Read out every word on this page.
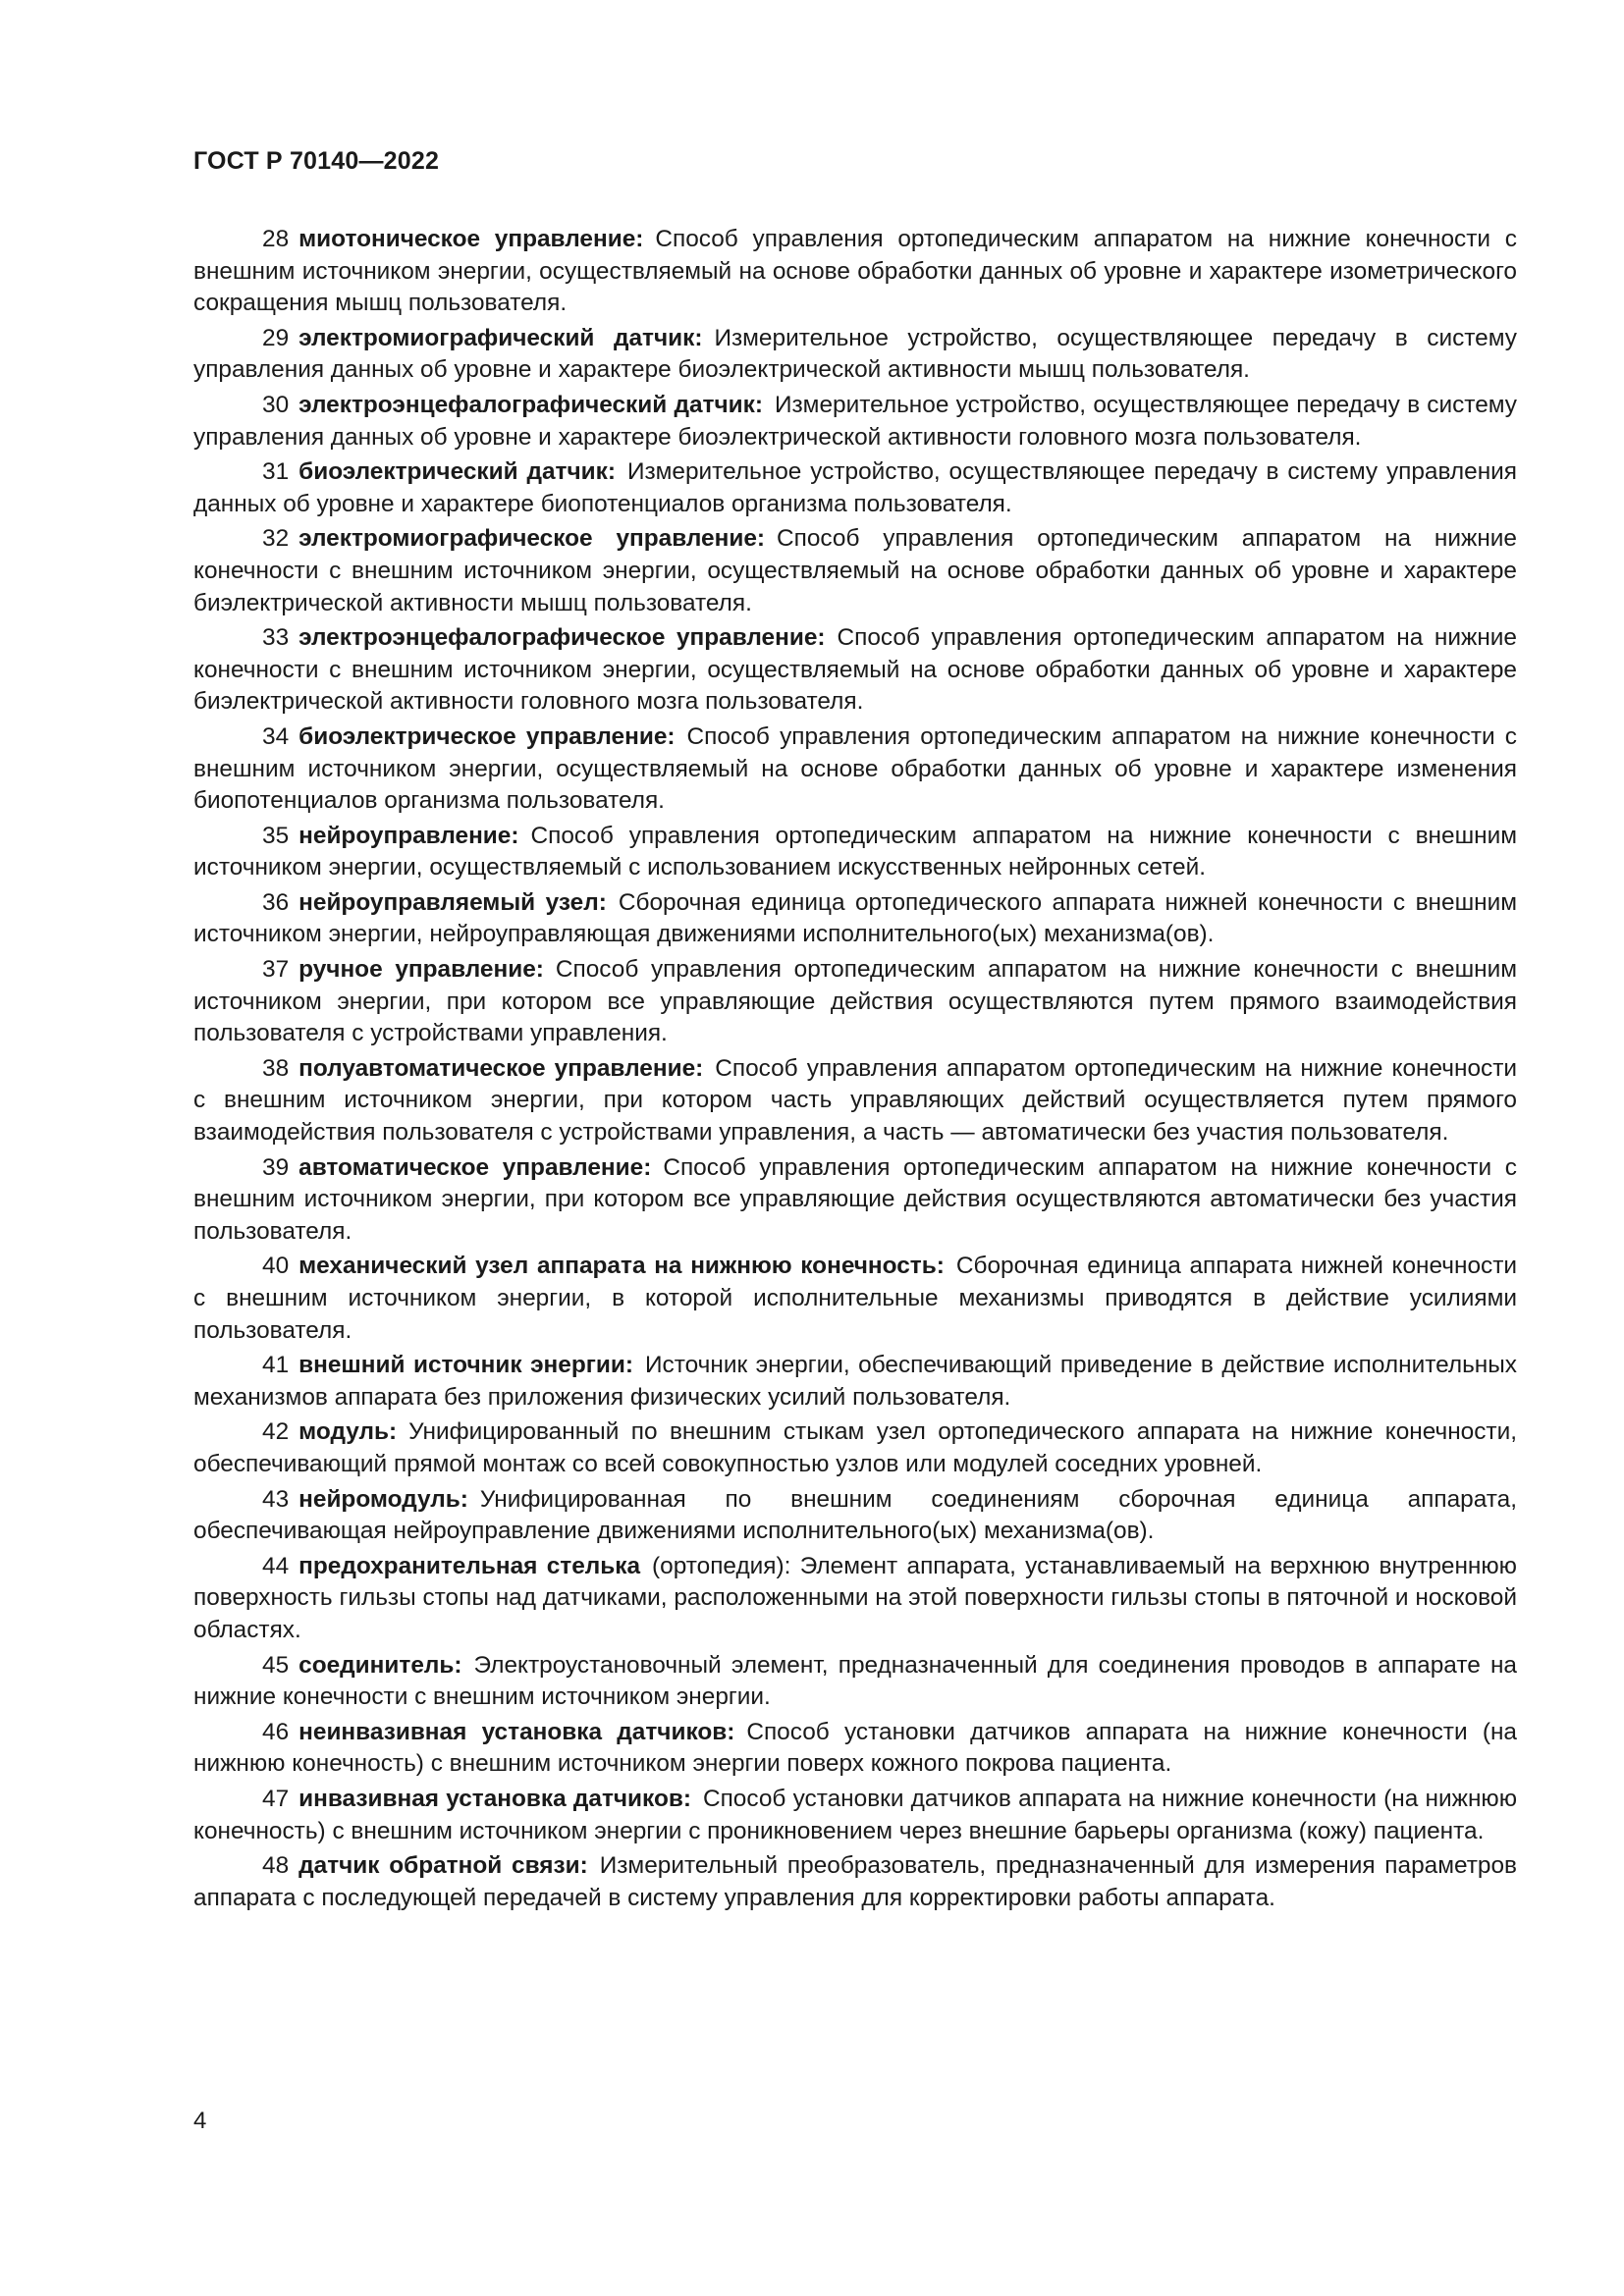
ГОСТ Р 70140—2022

28 миотоническое управление: Способ управления ортопедическим аппаратом на нижние конечности с внешним источником энергии, осуществляемый на основе обработки данных об уровне и характере изометрического сокращения мышц пользователя.

29 электромиографический датчик: Измерительное устройство, осуществляющее передачу в систему управления данных об уровне и характере биоэлектрической активности мышц пользователя.

30 электроэнцефалографический датчик: Измерительное устройство, осуществляющее передачу в систему управления данных об уровне и характере биоэлектрической активности головного мозга пользователя.

31 биоэлектрический датчик: Измерительное устройство, осуществляющее передачу в систему управления данных об уровне и характере биопотенциалов организма пользователя.

32 электромиографическое управление: Способ управления ортопедическим аппаратом на нижние конечности с внешним источником энергии, осуществляемый на основе обработки данных об уровне и характере биэлектрической активности мышц пользователя.

33 электроэнцефалографическое управление: Способ управления ортопедическим аппаратом на нижние конечности с внешним источником энергии, осуществляемый на основе обработки данных об уровне и характере биэлектрической активности головного мозга пользователя.

34 биоэлектрическое управление: Способ управления ортопедическим аппаратом на нижние конечности с внешним источником энергии, осуществляемый на основе обработки данных об уровне и характере изменения биопотенциалов организма пользователя.

35 нейроуправление: Способ управления ортопедическим аппаратом на нижние конечности с внешним источником энергии, осуществляемый с использованием искусственных нейронных сетей.

36 нейроуправляемый узел: Сборочная единица ортопедического аппарата нижней конечности с внешним источником энергии, нейроуправляющая движениями исполнительного(ых) механизма(ов).

37 ручное управление: Способ управления ортопедическим аппаратом на нижние конечности с внешним источником энергии, при котором все управляющие действия осуществляются путем прямого взаимодействия пользователя с устройствами управления.

38 полуавтоматическое управление: Способ управления аппаратом ортопедическим на нижние конечности с внешним источником энергии, при котором часть управляющих действий осуществляется путем прямого взаимодействия пользователя с устройствами управления, а часть — автоматически без участия пользователя.

39 автоматическое управление: Способ управления ортопедическим аппаратом на нижние конечности с внешним источником энергии, при котором все управляющие действия осуществляются автоматически без участия пользователя.

40 механический узел аппарата на нижнюю конечность: Сборочная единица аппарата нижней конечности с внешним источником энергии, в которой исполнительные механизмы приводятся в действие усилиями пользователя.

41 внешний источник энергии: Источник энергии, обеспечивающий приведение в действие исполнительных механизмов аппарата без приложения физических усилий пользователя.

42 модуль: Унифицированный по внешним стыкам узел ортопедического аппарата на нижние конечности, обеспечивающий прямой монтаж со всей совокупностью узлов или модулей соседних уровней.

43 нейромодуль: Унифицированная по внешним соединениям сборочная единица аппарата, обеспечивающая нейроуправление движениями исполнительного(ых) механизма(ов).

44 предохранительная стелька (ортопедия): Элемент аппарата, устанавливаемый на верхнюю внутреннюю поверхность гильзы стопы над датчиками, расположенными на этой поверхности гильзы стопы в пяточной и носковой областях.

45 соединитель: Электроустановочный элемент, предназначенный для соединения проводов в аппарате на нижние конечности с внешним источником энергии.

46 неинвазивная установка датчиков: Способ установки датчиков аппарата на нижние конечности (на нижнюю конечность) с внешним источником энергии поверх кожного покрова пациента.

47 инвазивная установка датчиков: Способ установки датчиков аппарата на нижние конечности (на нижнюю конечность) с внешним источником энергии с проникновением через внешние барьеры организма (кожу) пациента.

48 датчик обратной связи: Измерительный преобразователь, предназначенный для измерения параметров аппарата с последующей передачей в систему управления для корректировки работы аппарата.

4
